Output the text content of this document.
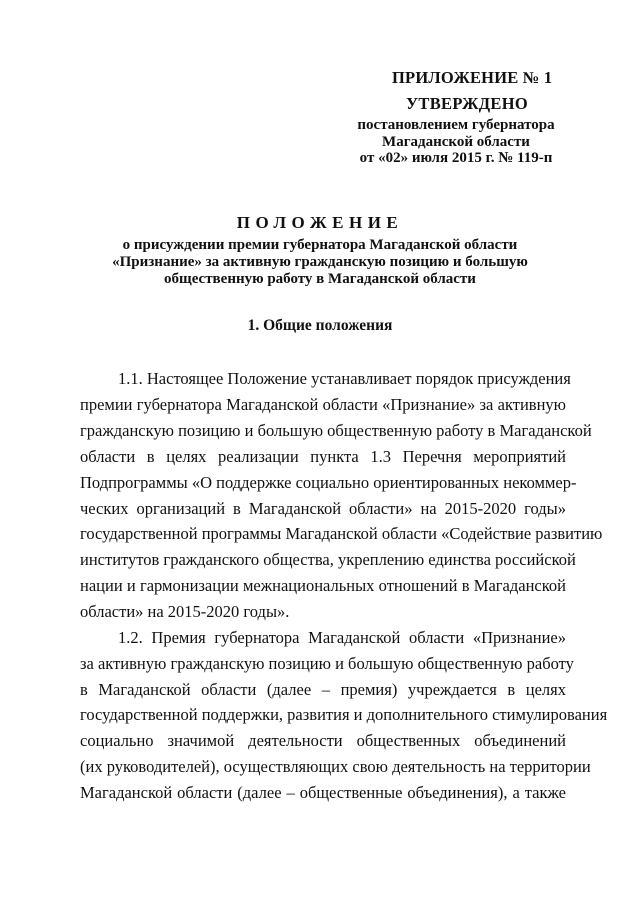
ПРИЛОЖЕНИЕ № 1

УТВЕРЖДЕНО

постановлением губернатора
Магаданской области
от «02» июля 2015 г. № 119-п

ПОЛОЖЕНИЕ

о присуждении премии губернатора Магаданской области
«Признание» за активную гражданскую позицию и большую
общественную работу в Магаданской области

1. Общие положения

1.1. Настоящее Положение устанавливает порядок присуждения
премии губернатора Магаданской области «Признание» за активную
гражданскую позицию и большую общественную работу в Магаданской
области в целях реализации пункта 1.3 Перечня мероприятий
Подпрограммы «О поддержке социально ориентированных некоммер-
ческих организаций в Магаданской области» на 2015-2020 годы»
государственной программы Магаданской области «Содействие развитию
институтов гражданского общества, укреплению единства российской
нации и гармонизации межнациональных отношений в Магаданской
области» на 2015-2020 годы».
1.2. Премия губернатора Магаданской области «Признание»
за активную гражданскую позицию и большую общественную работу
в Магаданской области (далее – премия) учреждается в целях
государственной поддержки, развития и дополнительного стимулирования
социально значимой деятельности общественных объединений
(их руководителей), осуществляющих свою деятельность на территории
Магаданской области (далее – общественные объединения), а также
